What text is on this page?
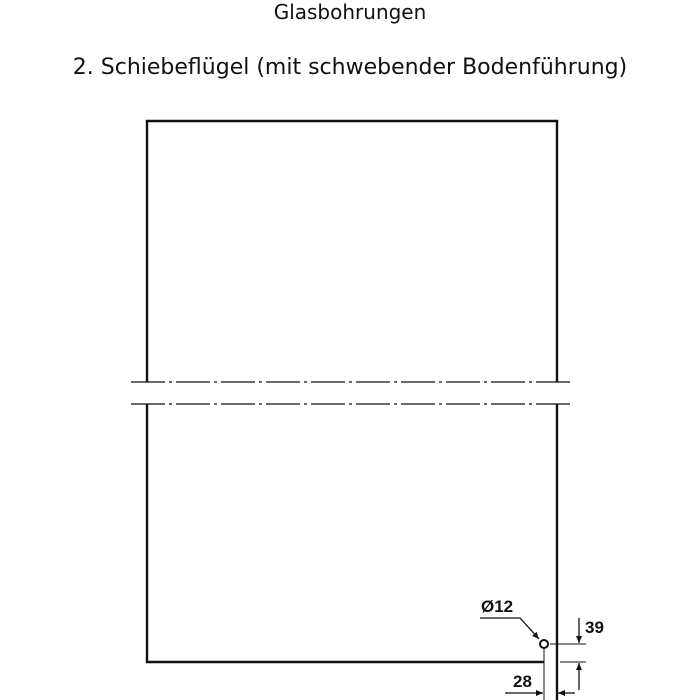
Glasbohrungen
2. Schiebeflügel (mit schwebender Bodenführung)
Ø12
39
28
